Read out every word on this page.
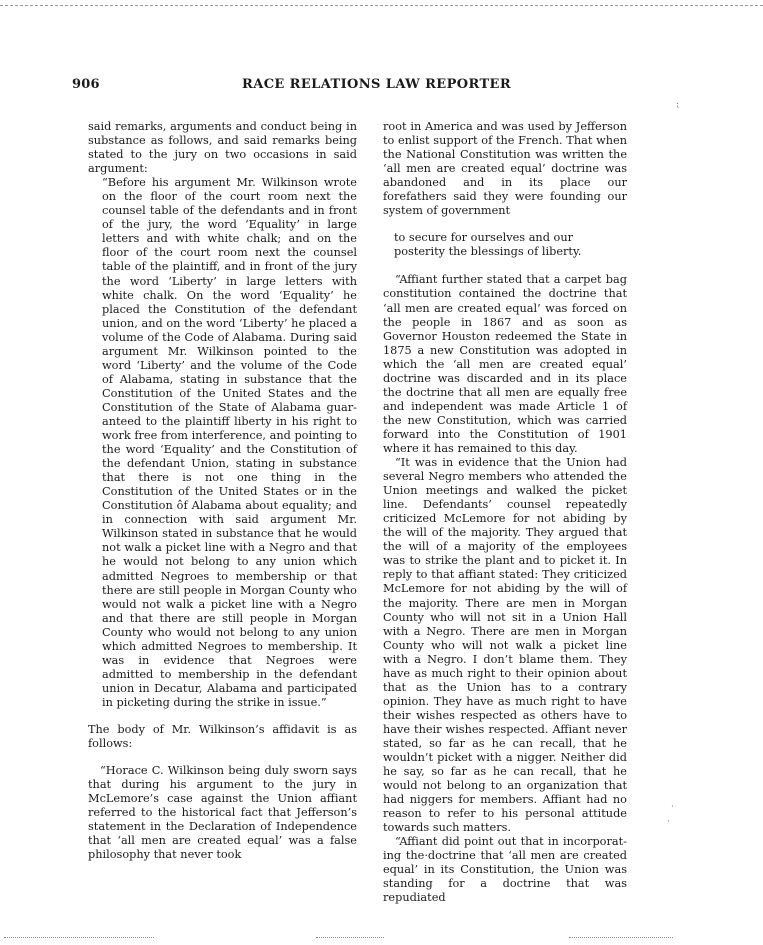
906	RACE RELATIONS LAW REPORTER

said remarks, arguments and conduct being in substance as follows, and said remarks being stated to the jury on two occasions in said argument:

“Before his argument Mr. Wilkinson wrote on the floor of the court room next the counsel table of the defendants and in front of the jury, the word ‘Equality’ in large letters and with white chalk; and on the floor of the court room next the counsel table of the plaintiff, and in front of the jury the word ‘Liberty’ in large letters with white chalk. On the word ‘Equality’ he placed the Constitution of the defendant union, and on the word ‘Liberty’ he placed a volume of the Code of Alabama. During said argument Mr. Wilkinson pointed to the word ‘Liberty’ and the volume of the Code of Alabama, stating in substance that the Constitution of the United States and the Constitution of the State of Alabama guaranteed to the plaintiff liberty in his right to work free from interference, and pointing to the word ‘Equality’ and the Constitution of the defendant Union, stating in substance that there is not one thing in the Constitution of the United States or in the Constitution ôf Alabama about equality; and in connection with said argument Mr. Wilkinson stated in substance that he would not walk a picket line with a Negro and that he would not belong to any union which admitted Negroes to membership or that there are still people in Morgan County who would not walk a picket line with a Negro and that there are still people in Morgan County who would not belong to any union which admitted Negroes to membership. It was in evidence that Negroes were admitted to membership in the defendant union in Decatur, Alabama and participated in picketing during the strike in issue.”

The body of Mr. Wilkinson’s affidavit is as follows:

“Horace C. Wilkinson being duly sworn says that during his argument to the jury in McLemore’s case against the Union affiant referred to the historical fact that Jefferson’s statement in the Declaration of Independence that ‘all men are created equal’ was a false philosophy that never took

root in America and was used by Jefferson to enlist support of the French. That when the National Constitution was written the ‘all men are created equal’ doctrine was abandoned and in its place our forefathers said they were founding our system of government

to secure for ourselves and our posterity the blessings of liberty.

“Affiant further stated that a carpet bag constitution contained the doctrine that ‘all men are created equal’ was forced on the people in 1867 and as soon as Governor Houston redeemed the State in 1875 a new Constitution was adopted in which the ‘all men are created equal’ doctrine was discarded and in its place the doctrine that all men are equally free and independent was made Article 1 of the new Constitution, which was carried forward into the Constitution of 1901 where it has remained to this day.

“It was in evidence that the Union had several Negro members who attended the Union meetings and walked the picket line. Defendants’ counsel repeatedly criticized McLemore for not abiding by the will of the majority. They argued that the will of a majority of the employees was to strike the plant and to picket it. In reply to that affiant stated: They criticized McLemore for not abiding by the will of the majority. There are men in Morgan County who will not sit in a Union Hall with a Negro. There are men in Morgan County who will not walk a picket line with a Negro. I don’t blame them. They have as much right to their opinion about that as the Union has to a contrary opinion. They have as much right to have their wishes respected as others have to have their wishes respected. Affiant never stated, so far as he can recall, that he wouldn’t picket with a nigger. Neither did he say, so far as he can recall, that he would not belong to an organization that had niggers for members. Affiant had no reason to refer to his personal attitude towards such matters.

“Affiant did point out that in incorporating the·doctrine that ‘all men are created equal’ in its Constitution, the Union was standing for a doctrine that was repudiated

⁏
·
·
